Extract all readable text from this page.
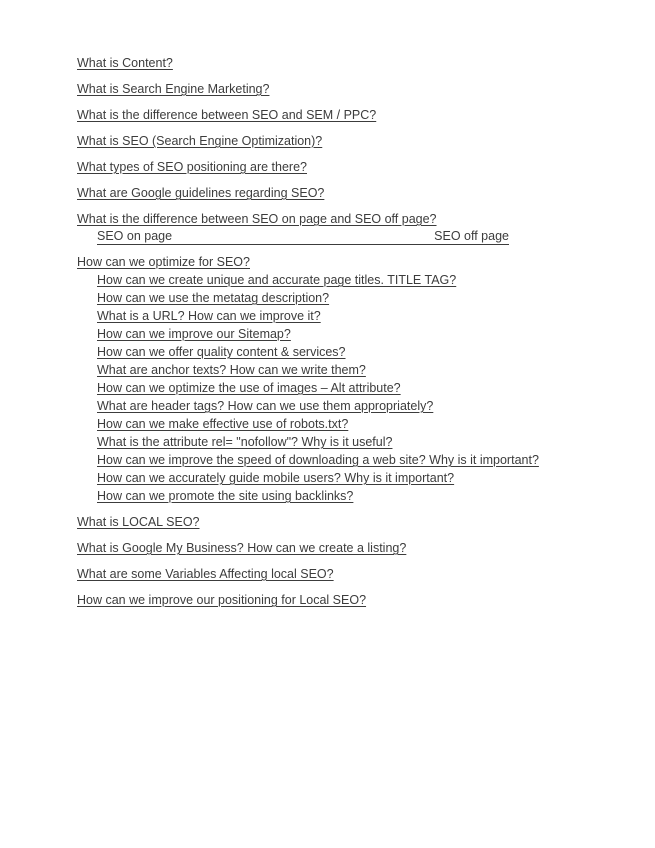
What is Content?
What is Search Engine Marketing?
What is the difference between SEO and SEM / PPC?
What is SEO (Search Engine Optimization)?
What types of SEO positioning are there?
What are Google guidelines regarding SEO?
What is the difference between SEO on page and SEO off page?
SEO on page	SEO off page
How can we optimize for SEO?
How can we create unique and accurate page titles. TITLE TAG?
How can we use the metatag description?
What is a URL? How can we improve it?
How can we improve our Sitemap?
How can we offer quality content & services?
What are anchor texts? How can we write them?
How can we optimize the use of images – Alt attribute?
What are header tags? How can we use them appropriately?
How can we make effective use of robots.txt?
What is the attribute rel= "nofollow"? Why is it useful?
How can we improve the speed of downloading a web site? Why is it important?
How can we accurately guide mobile users? Why is it important?
How can we promote the site using backlinks?
What is LOCAL SEO?
What is Google My Business? How can we create a listing?
What are some Variables Affecting local SEO?
How can we improve our positioning for Local SEO?
